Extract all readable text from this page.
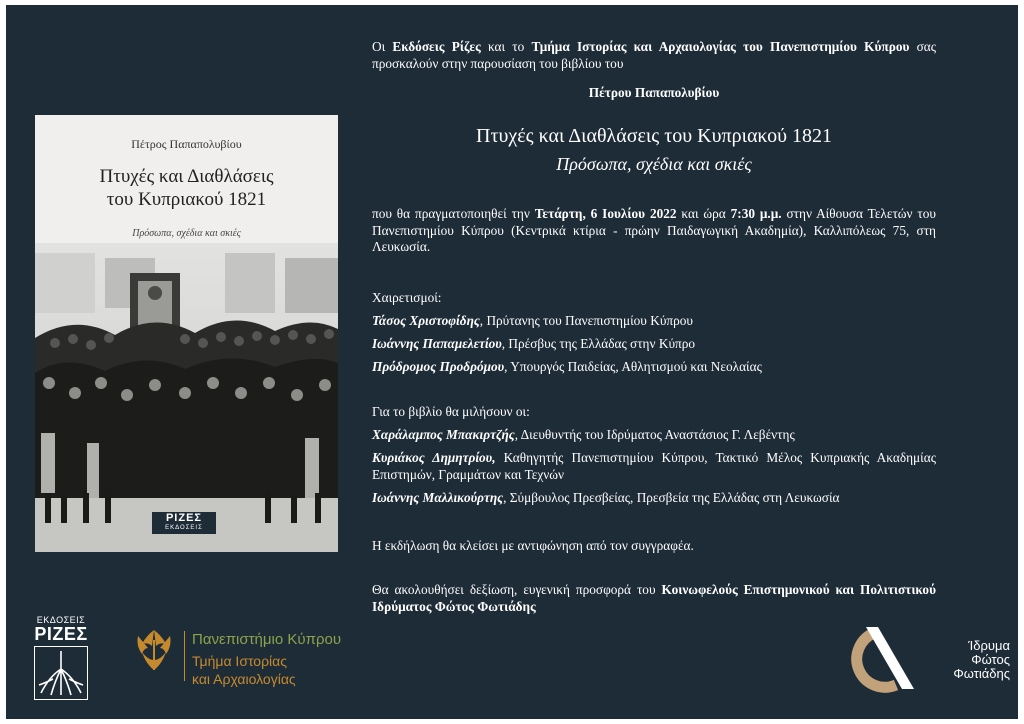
Πέτρος Παπαπολυβίου
Πτυχές και Διαθλάσεις
του Κυπριακού 1821
Πρόσωπα, σχέδια και σκιές
ΡΙΖΕΣ
ΕΚΔΟΣΕΙΣ
Οι Εκδόσεις Ρίζες και το Τμήμα Ιστορίας και Αρχαιολογίας του Πανεπιστημίου Κύπρου σας προσκαλούν στην παρουσίαση του βιβλίου του
Πέτρου Παπαπολυβίου
Πτυχές και Διαθλάσεις του Κυπριακού 1821
Πρόσωπα, σχέδια και σκιές
που θα πραγματοποιηθεί την Τετάρτη, 6 Ιουλίου 2022 και ώρα 7:30 μ.μ. στην Αίθουσα Τελετών του Πανεπιστημίου Κύπρου (Κεντρικά κτίρια - πρώην Παιδαγωγική Ακαδημία), Καλλιπόλεως 75, στη Λευκωσία.
Χαιρετισμοί:
Τάσος Χριστοφίδης, Πρύτανης του Πανεπιστημίου Κύπρου
Ιωάννης Παπαμελετίου, Πρέσβυς της Ελλάδας στην Κύπρο
Πρόδρομος Προδρόμου, Υπουργός Παιδείας, Αθλητισμού και Νεολαίας
Για το βιβλίο θα μιλήσουν οι:
Χαράλαμπος Μπακιρτζής, Διευθυντής του Ιδρύματος Αναστάσιος Γ. Λεβέντης
Κυριάκος Δημητρίου, Καθηγητής Πανεπιστημίου Κύπρου, Τακτικό Μέλος Κυπριακής Ακαδημίας Επιστημών, Γραμμάτων και Τεχνών
Ιωάννης Μαλλικούρτης, Σύμβουλος Πρεσβείας, Πρεσβεία της Ελλάδας στη Λευκωσία
Η εκδήλωση θα κλείσει με αντιφώνηση από τον συγγραφέα.
Θα ακολουθήσει δεξίωση, ευγενική προσφορά του Κοινωφελούς Επιστημονικού και Πολιτιστικού Ιδρύματος Φώτος Φωτιάδης
ΕΚΔΟΣΕΙΣ
ΡΙΖΕΣ	Πανεπιστήμιο Κύπρου
Τμήμα Ιστορίας
και Αρχαιολογίας
Ίδρυμα
Φώτος
Φωτιάδης
